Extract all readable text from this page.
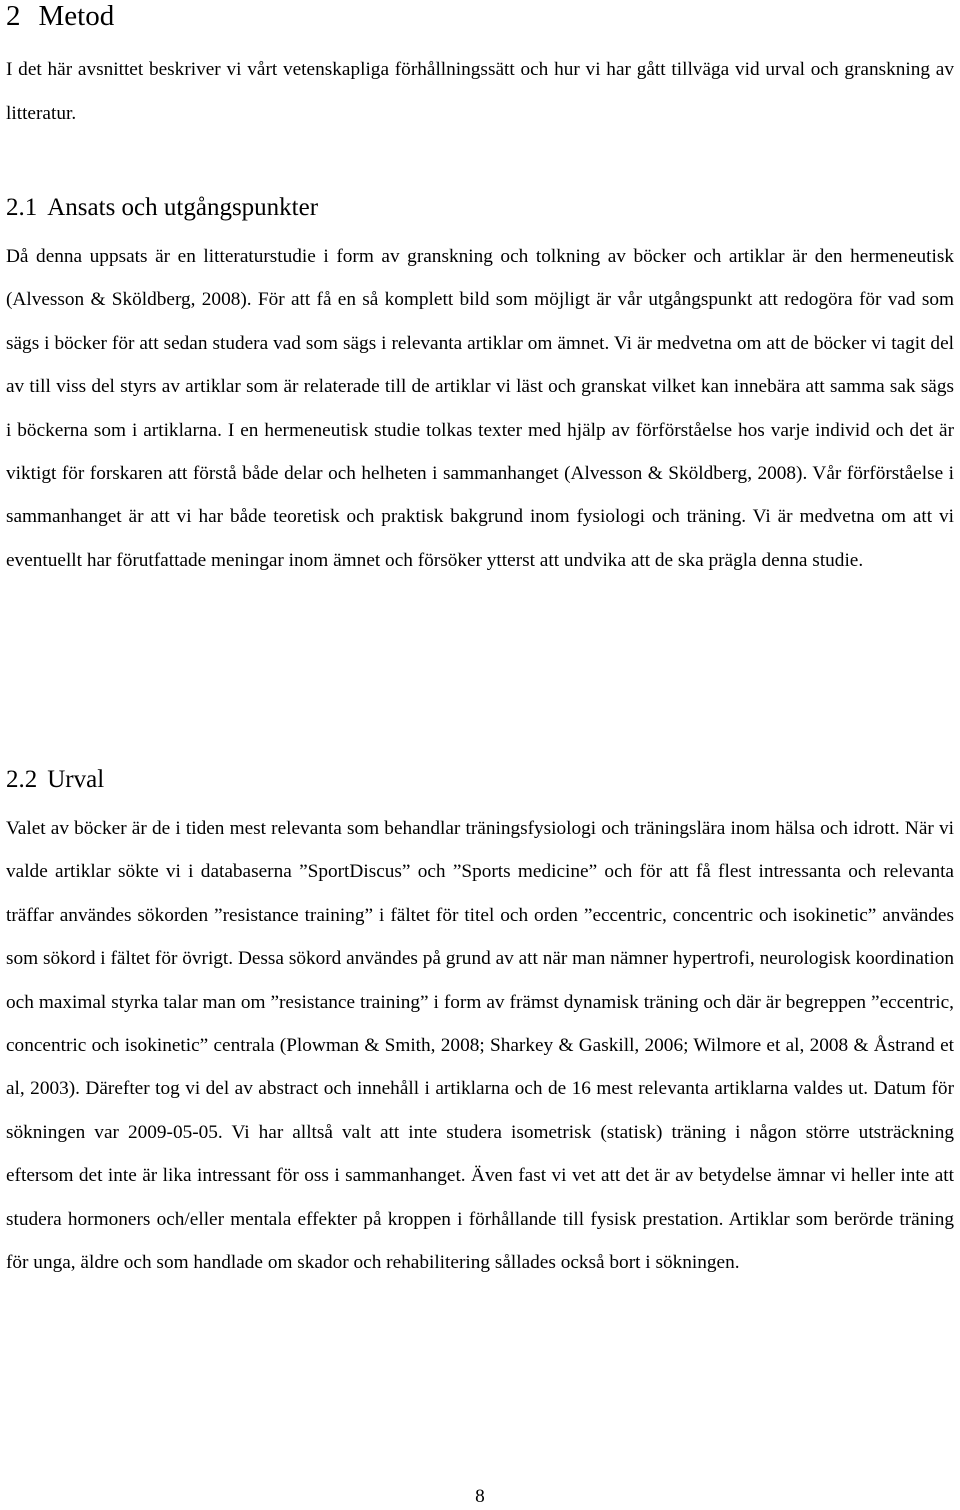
2 Metod

I det här avsnittet beskriver vi vårt vetenskapliga förhållningssätt och hur vi har gått tillväga vid urval och granskning av litteratur.

2.1 Ansats och utgångspunkter

Då denna uppsats är en litteraturstudie i form av granskning och tolkning av böcker och artiklar är den hermeneutisk (Alvesson & Sköldberg, 2008). För att få en så komplett bild som möjligt är vår utgångspunkt att redogöra för vad som sägs i böcker för att sedan studera vad som sägs i relevanta artiklar om ämnet. Vi är medvetna om att de böcker vi tagit del av till viss del styrs av artiklar som är relaterade till de artiklar vi läst och granskat vilket kan innebära att samma sak sägs i böckerna som i artiklarna. I en hermeneutisk studie tolkas texter med hjälp av förförståelse hos varje individ och det är viktigt för forskaren att förstå både delar och helheten i sammanhanget (Alvesson & Sköldberg, 2008). Vår förförståelse i sammanhanget är att vi har både teoretisk och praktisk bakgrund inom fysiologi och träning. Vi är medvetna om att vi eventuellt har förutfattade meningar inom ämnet och försöker ytterst att undvika att de ska prägla denna studie.

2.2 Urval

Valet av böcker är de i tiden mest relevanta som behandlar träningsfysiologi och träningslära inom hälsa och idrott. När vi valde artiklar sökte vi i databaserna ”SportDiscus” och ”Sports medicine” och för att få flest intressanta och relevanta träffar användes sökorden ”resistance training” i fältet för titel och orden ”eccentric, concentric och isokinetic” användes som sökord i fältet för övrigt. Dessa sökord användes på grund av att när man nämner hypertrofi, neurologisk koordination och maximal styrka talar man om ”resistance training” i form av främst dynamisk träning och där är begreppen ”eccentric, concentric och isokinetic” centrala (Plowman & Smith, 2008; Sharkey & Gaskill, 2006; Wilmore et al, 2008 & Åstrand et al, 2003). Därefter tog vi del av abstract och innehåll i artiklarna och de 16 mest relevanta artiklarna valdes ut. Datum för sökningen var 2009-05-05. Vi har alltså valt att inte studera isometrisk (statisk) träning i någon större utsträckning eftersom det inte är lika intressant för oss i sammanhanget. Även fast vi vet att det är av betydelse ämnar vi heller inte att studera hormoners och/eller mentala effekter på kroppen i förhållande till fysisk prestation. Artiklar som berörde träning för unga, äldre och som handlade om skador och rehabilitering sållades också bort i sökningen.

8
